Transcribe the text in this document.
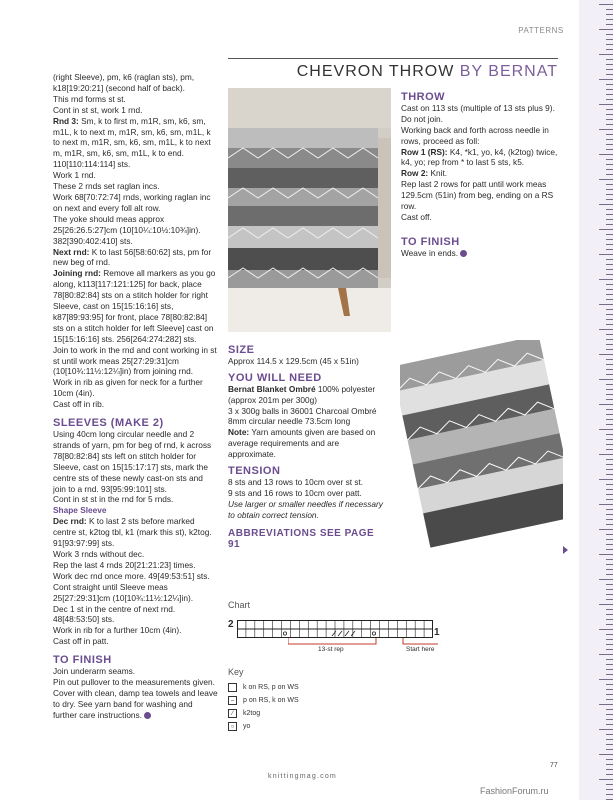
PATTERNS
CHEVRON THROW BY BERNAT

(right Sleeve), pm, k6 (raglan sts), pm, k18[19:20:21] (second half of back).

This rnd forms st st.

Cont in st st, work 1 rnd.

Rnd 3: Sm, k to first m, m1R, sm, k6, sm, m1L, k to next m, m1R, sm, k6, sm, m1L, k to next m, m1R, sm, k6, sm, m1L, k to next m, m1R, sm, k6, sm, m1L, k to end. 110[110:114:114] sts.

Work 1 rnd.

These 2 rnds set raglan incs.

Work 68[70:72:74] rnds, working raglan inc on next and every foll alt row.

The yoke should meas approx 25[26:26.5:27]cm (10[10¼:10½:10¾]in). 382[390:402:410] sts.

Next rnd: K to last 56[58:60:62] sts, pm for new beg of rnd.

Joining rnd: Remove all markers as you go along, k113[117:121:125] for back, place 78[80:82:84] sts on a stitch holder for right Sleeve, cast on 15[15:16:16] sts, k87[89:93:95] for front, place 78[80:82:84] sts on a stitch holder for left Sleeve] cast on 15[15:16:16] sts. 256[264:274:282] sts.

Join to work in the rnd and cont working in st st until work meas 25[27:29:31]cm (10[10¾:11½:12¼]in) from joining rnd.

Work in rib as given for neck for a further 10cm (4in).

Cast off in rib.

SLEEVES (MAKE 2)

Using 40cm long circular needle and 2 strands of yarn, pm for beg of rnd, k across 78[80:82:84] sts left on stitch holder for Sleeve, cast on 15[15:17:17] sts, mark the centre sts of these newly cast-on sts and join to a rnd. 93[95:99:101] sts.

Cont in st st in the rnd for 5 rnds.

Shape Sleeve

Dec rnd: K to last 2 sts before marked centre st, k2tog tbl, k1 (mark this st), k2tog. 91[93:97:99] sts.

Work 3 rnds without dec.

Rep the last 4 rnds 20[21:21:23] times.

Work dec rnd once more. 49[49:53:51] sts.

Cont straight until Sleeve meas 25[27:29:31]cm (10[10¾:11½:12¼]in).

Dec 1 st in the centre of next rnd. 48[48:53:50] sts.

Work in rib for a further 10cm (4in).

Cast off in patt.

TO FINISH

Join underarm seams.

Pin out pullover to the measurements given. Cover with clean, damp tea towels and leave to dry. See yarn band for washing and further care instructions.

SIZE

Approx 114.5 x 129.5cm (45 x 51in)

YOU WILL NEED

Bernat Blanket Ombré 100% polyester (approx 201m per 300g)

3 x 300g balls in 36001 Charcoal Ombré

8mm circular needle 73.5cm long

Note: Yarn amounts given are based on average requirements and are approximate.

TENSION

8 sts and 13 rows to 10cm over st st.

9 sts and 16 rows to 10cm over patt.

Use larger or smaller needles if necessary to obtain correct tension.

ABBREVIATIONS SEE PAGE 91

THROW

Cast on 113 sts (multiple of 13 sts plus 9).

Do not join.

Working back and forth across needle in rows, proceed as foll:

Row 1 (RS): K4, *k1, yo, k4, (k2tog) twice, k4, yo; rep from * to last 5 sts, k5.

Row 2: Knit.

Rep last 2 rows for patt until work meas 129.5cm (51in) from beg, ending on a RS row.

Cast off.

TO FINISH

Weave in ends.

Chart
2
1
13-st rep	Start here
Key
k on RS, p on WS
–	p on RS, k on WS
⁄	k2tog
○	yo
knittingmag.com
77
FashionForum.ru
